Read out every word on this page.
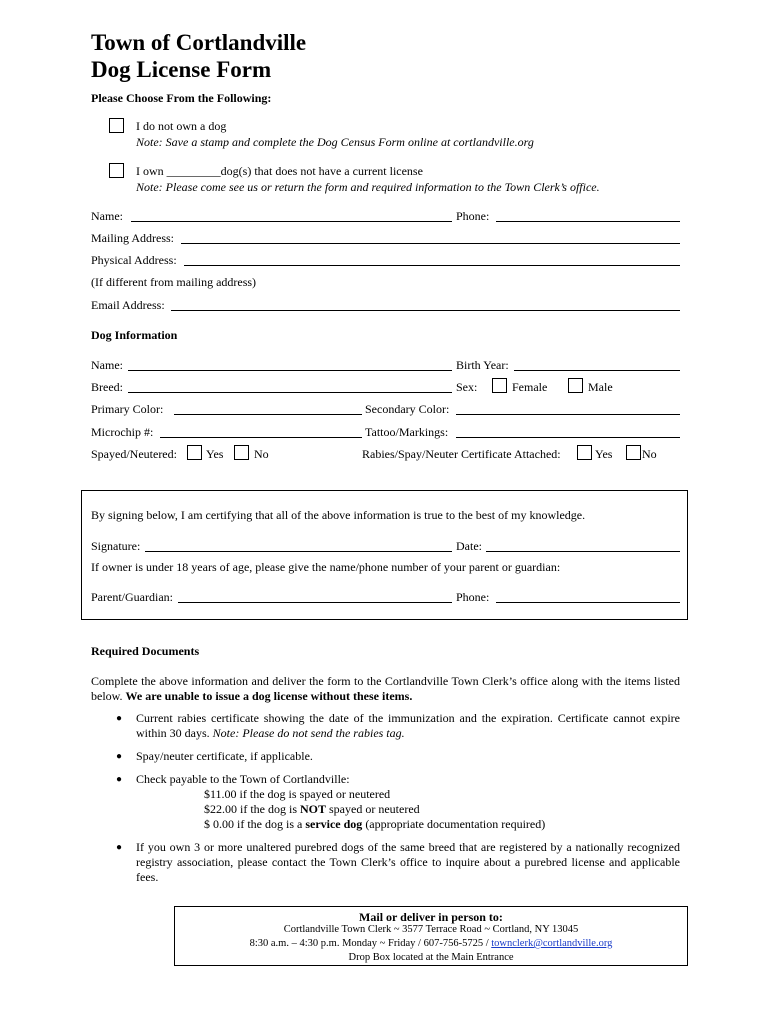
Town of Cortlandville
Dog License Form
Please Choose From the Following:
I do not own a dog
Note: Save a stamp and complete the Dog Census Form online at cortlandville.org
I own _________dog(s) that does not have a current license
Note: Please come see us or return the form and required information to the Town Clerk’s office.
Name:	Phone:
Mailing Address:
Physical Address:
(If different from mailing address)
Email Address:
Dog Information
Name:	Birth Year:
Breed:	Sex:	Female	Male
Primary Color:	Secondary Color:
Microchip #:	Tattoo/Markings:
Spayed/Neutered: Yes	No	Rabies/Spay/Neuter Certificate Attached:	Yes No
By signing below, I am certifying that all of the above information is true to the best of my knowledge.
Signature:	Date:
If owner is under 18 years of age, please give the name/phone number of your parent or guardian:
Parent/Guardian:	Phone:
Required Documents
Complete the above information and deliver the form to the Cortlandville Town Clerk’s office along with the items listed below. We are unable to issue a dog license without these items.
● Current rabies certificate showing the date of the immunization and the expiration. Certificate cannot expire within 30 days. Note: Please do not send the rabies tag.
● Spay/neuter certificate, if applicable.
● Check payable to the Town of Cortlandville:
$11.00 if the dog is spayed or neutered
$22.00 if the dog is NOT spayed or neutered
$ 0.00 if the dog is a service dog (appropriate documentation required)
● If you own 3 or more unaltered purebred dogs of the same breed that are registered by a nationally recognized registry association, please contact the Town Clerk’s office to inquire about a purebred license and applicable fees.
Mail or deliver in person to:
Cortlandville Town Clerk ~ 3577 Terrace Road ~ Cortland, NY 13045
8:30 a.m. – 4:30 p.m. Monday ~ Friday / 607-756-5725 / townclerk@cortlandville.org
Drop Box located at the Main Entrance
